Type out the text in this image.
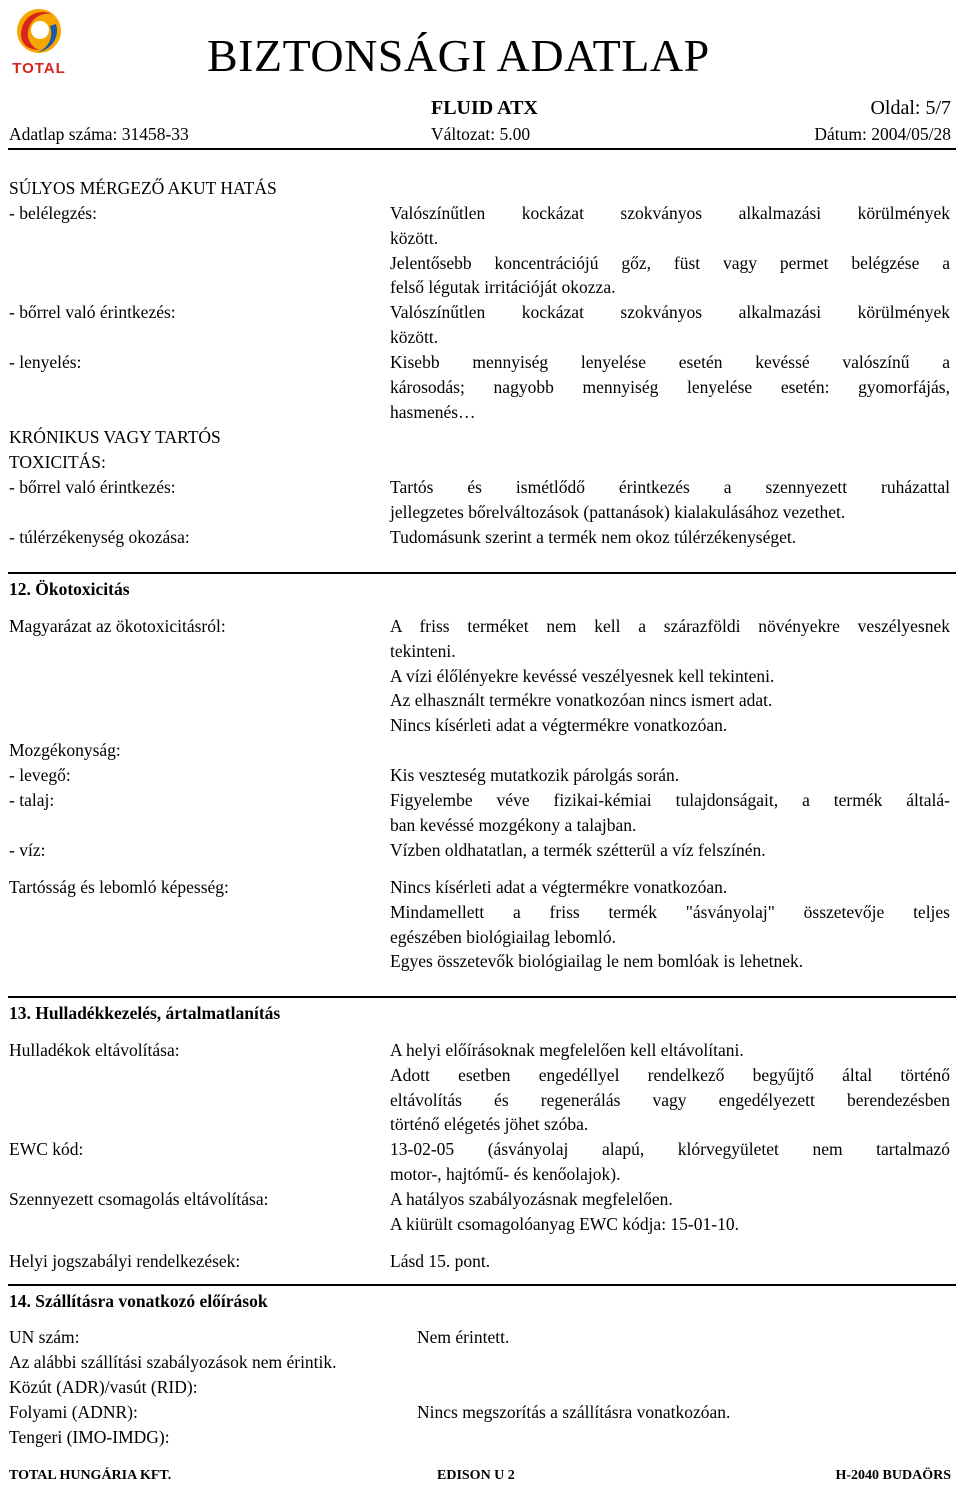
TOTAL	BIZTONSÁGI ADATLAP
FLUID ATX	Oldal: 5/7
Adatlap száma: 31458-33	Változat: 5.00	Dátum: 2004/05/28
SÚLYOS MÉRGEZŐ AKUT HATÁS
- belélegzés:	Valószínűtlen kockázat szokványos alkalmazási körülmények
között.
Jelentősebb koncentrációjú gőz, füst vagy permet belégzése a
felső légutak irritációját okozza.
- bőrrel való érintkezés:	Valószínűtlen kockázat szokványos alkalmazási körülmények
között.
- lenyelés:	Kisebb mennyiség lenyelése esetén kevéssé valószínű a
károsodás; nagyobb mennyiség lenyelése esetén: gyomorfájás,
hasmenés…
KRÓNIKUS VAGY TARTÓS
TOXICITÁS:
- bőrrel való érintkezés:	Tartós és ismétlődő érintkezés a szennyezett ruházattal
jellegzetes bőrelváltozások (pattanások) kialakulásához vezethet.
- túlérzékenység okozása:	Tudomásunk szerint a termék nem okoz túlérzékenységet.
12. Ökotoxicitás
Magyarázat az ökotoxicitásról:	A friss terméket nem kell a szárazföldi növényekre veszélyesnek
tekinteni.
A vízi élőlényekre kevéssé veszélyesnek kell tekinteni.
Az elhasznált termékre vonatkozóan nincs ismert adat.
Nincs kísérleti adat a végtermékre vonatkozóan.
Mozgékonyság:
- levegő:	Kis veszteség mutatkozik párolgás során.
- talaj:	Figyelembe véve fizikai-kémiai tulajdonságait, a termék általá-
ban kevéssé mozgékony a talajban.
- víz:	Vízben oldhatatlan, a termék szétterül a víz felszínén.
Tartósság és lebomló képesség:	Nincs kísérleti adat a végtermékre vonatkozóan.
Mindamellett a friss termék "ásványolaj" összetevője teljes
egészében biológiailag lebomló.
Egyes összetevők biológiailag le nem bomlóak is lehetnek.
13. Hulladékkezelés, ártalmatlanítás
Hulladékok eltávolítása:	A helyi előírásoknak megfelelően kell eltávolítani.
Adott esetben engedéllyel rendelkező begyűjtő által történő
eltávolítás és regenerálás vagy engedélyezett berendezésben
történő elégetés jöhet szóba.
EWC kód:	13-02-05 (ásványolaj alapú, klórvegyületet nem tartalmazó
motor-, hajtómű- és kenőolajok).
Szennyezett csomagolás eltávolítása:	A hatályos szabályozásnak megfelelően.
A kiürült csomagolóanyag EWC kódja: 15-01-10.
Helyi jogszabályi rendelkezések:	Lásd 15. pont.
14. Szállításra vonatkozó előírások
UN szám:	Nem érintett.
Az alábbi szállítási szabályozások nem érintik.
Közút (ADR)/vasút (RID):
Folyami (ADNR):	Nincs megszorítás a szállításra vonatkozóan.
Tengeri (IMO-IMDG):
TOTAL HUNGÁRIA KFT.	EDISON U 2	H-2040 BUDAÖRS
